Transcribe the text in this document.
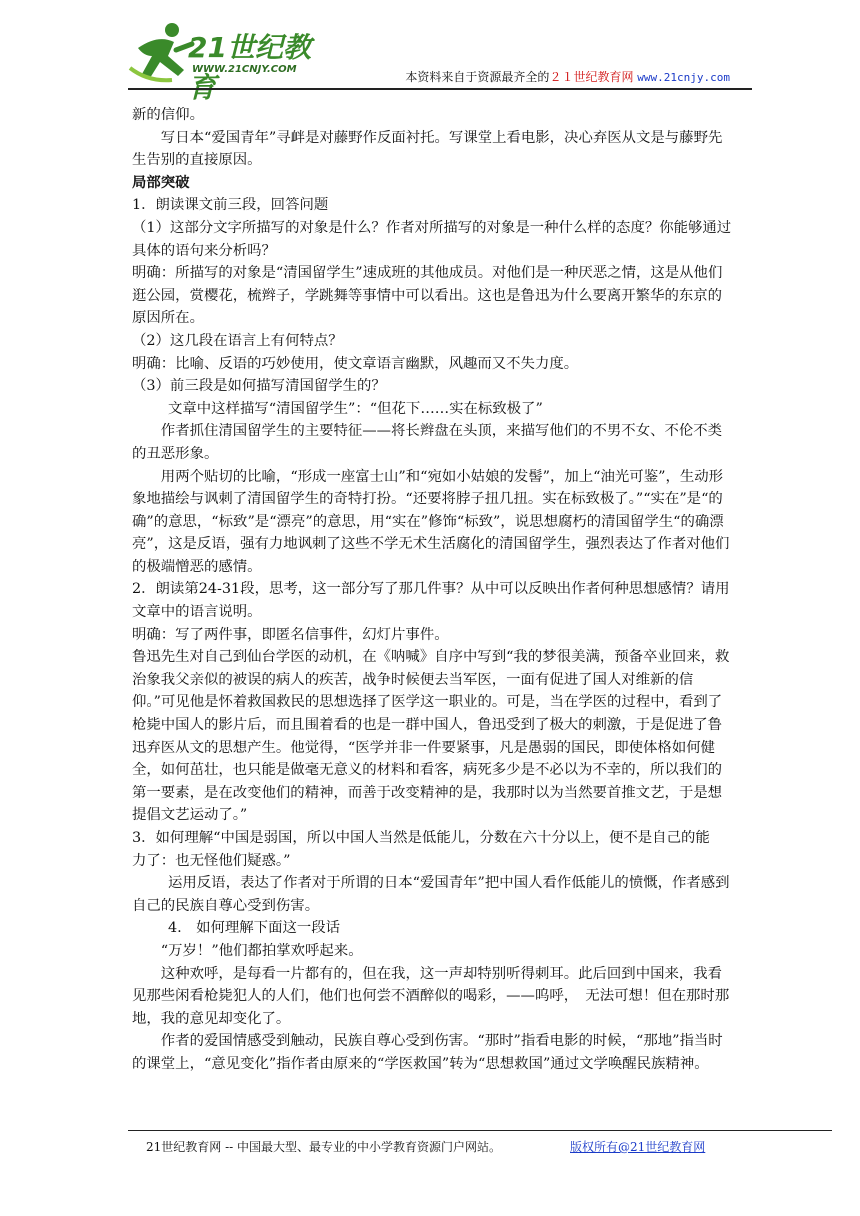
21世纪教育
WWW.21CNJY.COM
本资料来自于资源最齐全的２１世纪教育网 www.21cnjy.com

新的信仰。

写日本“爱国青年”寻衅是对藤野作反面衬托。写课堂上看电影，决心弃医从文是与藤野先生告别的直接原因。

局部突破

1．朗读课文前三段，回答问题

（1）这部分文字所描写的对象是什么？作者对所描写的对象是一种什么样的态度？你能够通过具体的语句来分析吗？

明确：所描写的对象是“清国留学生”速成班的其他成员。对他们是一种厌恶之情，这是从他们逛公园，赏樱花，梳辫子，学跳舞等事情中可以看出。这也是鲁迅为什么要离开繁华的东京的原因所在。

（2）这几段在语言上有何特点？

明确：比喻、反语的巧妙使用，使文章语言幽默，风趣而又不失力度。

（3）前三段是如何描写清国留学生的？

文章中这样描写“清国留学生”：“但花下……实在标致极了”

作者抓住清国留学生的主要特征——将长辫盘在头顶，来描写他们的不男不女、不伦不类的丑恶形象。

用两个贴切的比喻，“形成一座富士山”和“宛如小姑娘的发髻”，加上“油光可鉴”，生动形象地描绘与讽刺了清国留学生的奇特打扮。“还要将脖子扭几扭。实在标致极了。”“实在”是“的确”的意思，“标致”是“漂亮”的意思，用“实在”修饰“标致”，说思想腐朽的清国留学生“的确漂亮”，这是反语，强有力地讽刺了这些不学无术生活腐化的清国留学生，强烈表达了作者对他们的极端憎恶的感情。

2．朗读第24-31段，思考，这一部分写了那几件事？从中可以反映出作者何种思想感情？请用文章中的语言说明。

明确：写了两件事，即匿名信事件，幻灯片事件。

鲁迅先生对自己到仙台学医的动机，在《呐喊》自序中写到“我的梦很美满，预备卒业回来，救治象我父亲似的被误的病人的疾苦，战争时候便去当军医，一面有促进了国人对维新的信仰。”可见他是怀着救国救民的思想选择了医学这一职业的。可是，当在学医的过程中，看到了枪毙中国人的影片后，而且围着看的也是一群中国人，鲁迅受到了极大的刺激，于是促进了鲁迅弃医从文的思想产生。他觉得，“医学并非一件要紧事，凡是愚弱的国民，即使体格如何健全，如何茁壮，也只能是做毫无意义的材料和看客，病死多少是不必以为不幸的，所以我们的第一要素，是在改变他们的精神，而善于改变精神的是，我那时以为当然要首推文艺，于是想提倡文艺运动了。”

3．如何理解“中国是弱国，所以中国人当然是低能儿，分数在六十分以上，便不是自己的能　力了：也无怪他们疑惑。”

运用反语，表达了作者对于所谓的日本“爱国青年”把中国人看作低能儿的愤慨，作者感到自己的民族自尊心受到伤害。

4.　如何理解下面这一段话

“万岁！”他们都拍掌欢呼起来。

这种欢呼，是每看一片都有的，但在我，这一声却特别听得刺耳。此后回到中国来，我看见那些闲看枪毙犯人的人们，他们也何尝不酒醉似的喝彩，——呜呼，　无法可想！但在那时那地，我的意见却变化了。

作者的爱国情感受到触动，民族自尊心受到伤害。“那时”指看电影的时候，“那地”指当时的课堂上，“意见变化”指作者由原来的“学医救国”转为“思想救国”通过文学唤醒民族精神。

21世纪教育网 -- 中国最大型、最专业的中小学教育资源门户网站。	版权所有@21世纪教育网
